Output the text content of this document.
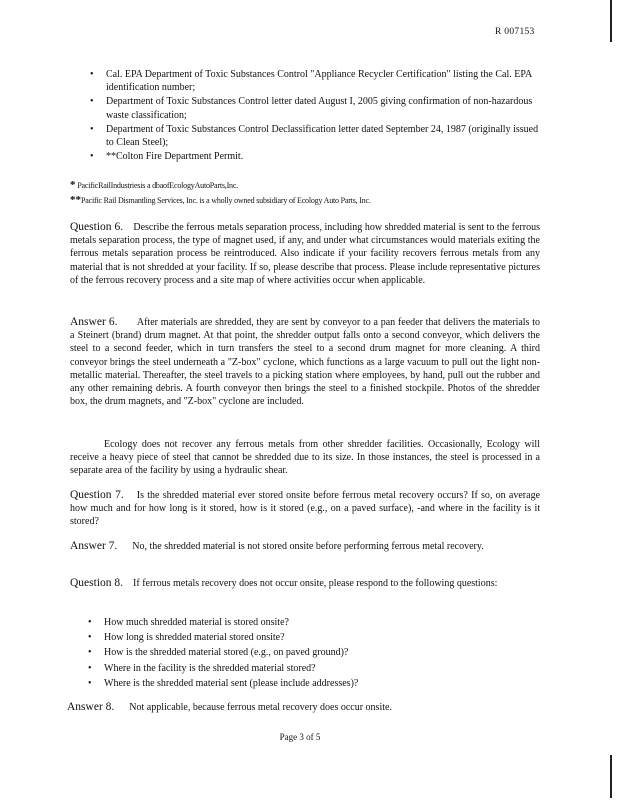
R 007153
• Cal. EPA Department of Toxic Substances Control "Appliance Recycler Certification" listing the Cal. EPA identification number;
• Department of Toxic Substances Control letter dated August I, 2005 giving confirmation of non-hazardous waste classification;
• Department of Toxic Substances Control Declassification letter dated September 24, 1987 (originally issued to Clean Steel);
• **Colton Fire Department Permit.
* PacificRailIndustriesis a dbaofEcologyAutoParts,Inc.
**Pacific Rail Dismantling Services, Inc. is a wholly owned subsidiary of Ecology Auto Parts, Inc.
Question 6. Describe the ferrous metals separation process, including how shredded material is sent to the ferrous metals separation process, the type of magnet used, if any, and under what circumstances would materials exiting the ferrous metals separation process be reintroduced. Also indicate if your facility recovers ferrous metals from any material that is not shredded at your facility. If so, please describe that process. Please include representative pictures of the ferrous recovery process and a site map of where activities occur when applicable.
Answer 6. After materials are shredded, they are sent by conveyor to a pan feeder that delivers the materials to a Steinert (brand) drum magnet. At that point, the shredder output falls onto a second conveyor, which delivers the steel to a second feeder, which in turn transfers the steel to a second drum magnet for more cleaning. A third conveyor brings the steel underneath a "Z-box" cyclone, which functions as a large vacuum to pull out the light non-metallic material. Thereafter, the steel travels to a picking station where employees, by hand, pull out the rubber and any other remaining debris. A fourth conveyor then brings the steel to a finished stockpile. Photos of the shredder box, the drum magnets, and "Z-box" cyclone are included.
Ecology does not recover any ferrous metals from other shredder facilities. Occasionally, Ecology will receive a heavy piece of steel that cannot be shredded due to its size. In those instances, the steel is processed in a separate area of the facility by using a hydraulic shear.
Question 7. Is the shredded material ever stored onsite before ferrous metal recovery occurs? If so, on average how much and for how long is it stored, how is it stored (e.g., on a paved surface), -and where in the facility is it stored?
Answer 7. No, the shredded material is not stored onsite before performing ferrous metal recovery.
Question 8. If ferrous metals recovery does not occur onsite, please respond to the following questions:
• How much shredded material is stored onsite?
• How long is shredded material stored onsite?
• How is the shredded material stored (e.g., on paved ground)?
• Where in the facility is the shredded material stored?
• Where is the shredded material sent (please include addresses)?
Answer 8. Not applicable, because ferrous metal recovery does occur onsite.
Page 3 of 5
